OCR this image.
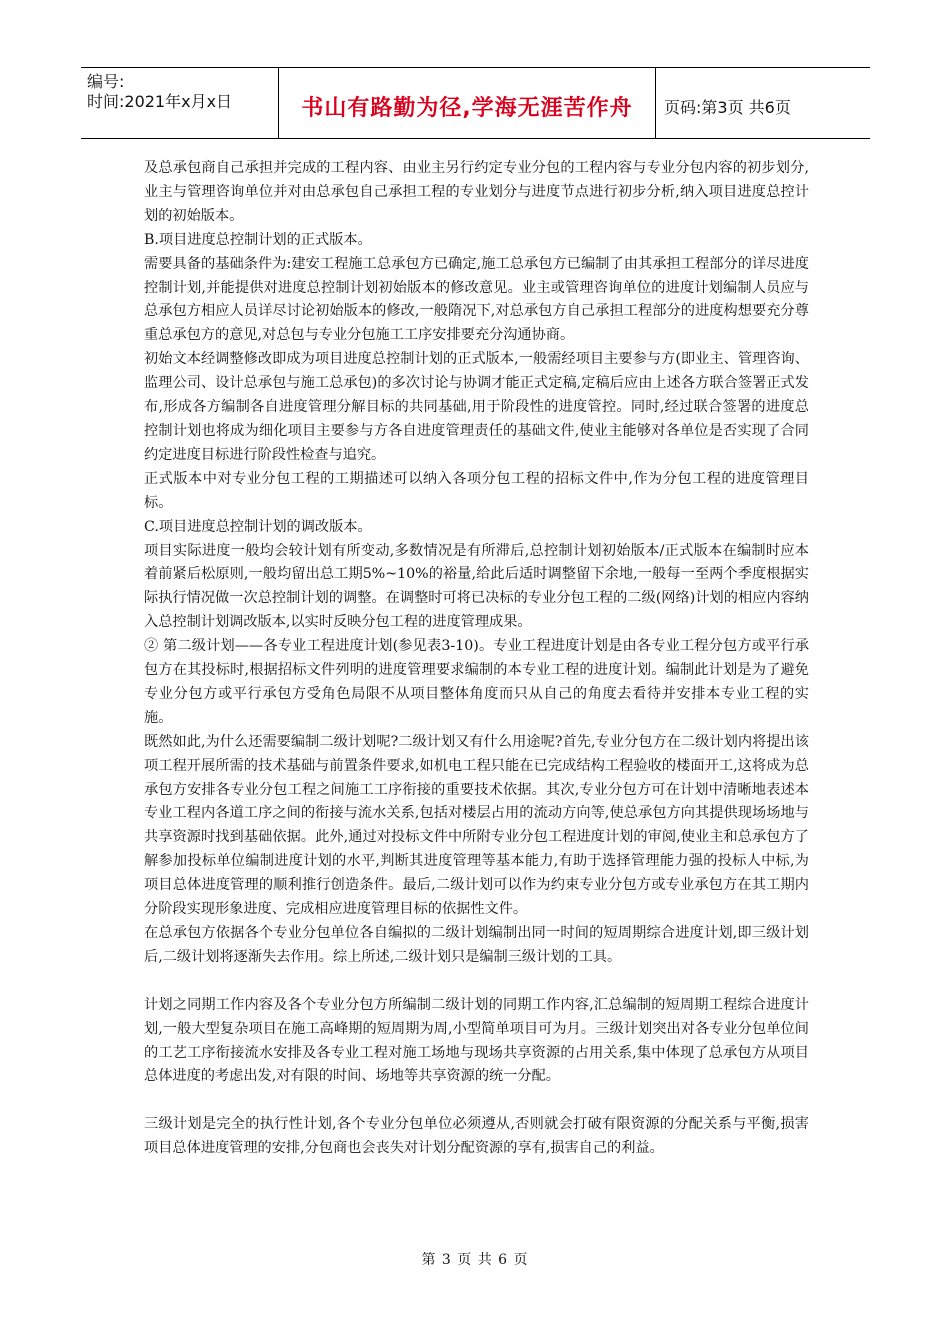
编号:
时间:2021年x月x日	书山有路勤为径,学海无涯苦作舟	页码:第3页 共6页

及总承包商自己承担并完成的工程内容、由业主另行约定专业分包的工程内容与专业分包内容的初步划分,业主与管理咨询单位并对由总承包自己承担工程的专业划分与进度节点进行初步分析,纳入项目进度总控计划的初始版本。

B.项目进度总控制计划的正式版本。

需要具备的基础条件为:建安工程施工总承包方已确定,施工总承包方已编制了由其承担工程部分的详尽进度控制计划,并能提供对进度总控制计划初始版本的修改意见。业主或管理咨询单位的进度计划编制人员应与总承包方相应人员详尽讨论初始版本的修改,一般隋况下,对总承包方自己承担工程部分的进度构想要充分尊重总承包方的意见,对总包与专业分包施工工序安排要充分沟通协商。

初始文本经调整修改即成为项目进度总控制计划的正式版本,一般需经项目主要参与方(即业主、管理咨询、监理公司、设计总承包与施工总承包)的多次讨论与协调才能正式定稿,定稿后应由上述各方联合签署正式发布,形成各方编制各自进度管理分解目标的共同基础,用于阶段性的进度管控。同时,经过联合签署的进度总控制计划也将成为细化项目主要参与方各自进度管理责任的基础文件,使业主能够对各单位是否实现了合同约定进度目标进行阶段性检查与追究。

正式版本中对专业分包工程的工期描述可以纳入各项分包工程的招标文件中,作为分包工程的进度管理目标。

C.项目进度总控制计划的调改版本。

项目实际进度一般均会较计划有所变动,多数情况是有所滞后,总控制计划初始版本/正式版本在编制时应本着前紧后松原则,一般均留出总工期5%~10%的裕量,给此后适时调整留下余地,一般每一至两个季度根据实际执行情况做一次总控制计划的调整。在调整时可将已决标的专业分包工程的二级(网络)计划的相应内容纳入总控制计划调改版本,以实时反映分包工程的进度管理成果。

② 第二级计划——各专业工程进度计划(参见表3-10)。专业工程进度计划是由各专业工程分包方或平行承包方在其投标时,根据招标文件列明的进度管理要求编制的本专业工程的进度计划。编制此计划是为了避免专业分包方或平行承包方受角色局限不从项目整体角度而只从自己的角度去看待并安排本专业工程的实施。

既然如此,为什么还需要编制二级计划呢?二级计划又有什么用途呢?首先,专业分包方在二级计划内将提出该项工程开展所需的技术基础与前置条件要求,如机电工程只能在已完成结构工程验收的楼面开工,这将成为总承包方安排各专业分包工程之间施工工序衔接的重要技术依据。其次,专业分包方可在计划中清晰地表述本专业工程内各道工序之间的衔接与流水关系,包括对楼层占用的流动方向等,使总承包方向其提供现场场地与共享资源时找到基础依据。此外,通过对投标文件中所附专业分包工程进度计划的审阅,使业主和总承包方了解参加投标单位编制进度计划的水平,判断其进度管理等基本能力,有助于选择管理能力强的投标人中标,为项目总体进度管理的顺利推行创造条件。最后,二级计划可以作为约束专业分包方或专业承包方在其工期内分阶段实现形象进度、完成相应进度管理目标的依据性文件。

在总承包方依据各个专业分包单位各自编拟的二级计划编制出同一时间的短周期综合进度计划,即三级计划后,二级计划将逐渐失去作用。综上所述,二级计划只是编制三级计划的工具。

计划之同期工作内容及各个专业分包方所编制二级计划的同期工作内容,汇总编制的短周期工程综合进度计划,一般大型复杂项目在施工高峰期的短周期为周,小型简单项目可为月。三级计划突出对各专业分包单位间的工艺工序衔接流水安排及各专业工程对施工场地与现场共享资源的占用关系,集中体现了总承包方从项目总体进度的考虑出发,对有限的时间、场地等共享资源的统一分配。

三级计划是完全的执行性计划,各个专业分包单位必须遵从,否则就会打破有限资源的分配关系与平衡,损害项目总体进度管理的安排,分包商也会丧失对计划分配资源的享有,损害自己的利益。

第 3 页 共 6 页
